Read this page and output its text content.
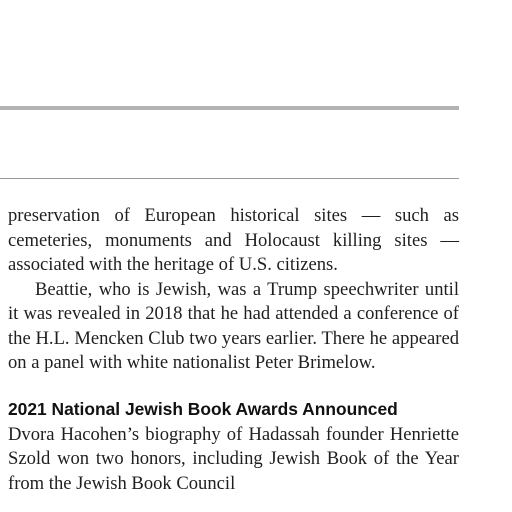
preservation of European historical sites — such as cemeteries, monuments and Holocaust killing sites — associated with the heritage of U.S. citizens.

Beattie, who is Jewish, was a Trump speechwriter until it was revealed in 2018 that he had attended a conference of the H.L. Mencken Club two years earlier. There he appeared on a panel with white nationalist Peter Brimelow.

2021 National Jewish Book Awards Announced

Dvora Hacohen’s biography of Hadassah founder Henriette Szold won two honors, including Jewish Book of the Year from the Jewish Book Council
